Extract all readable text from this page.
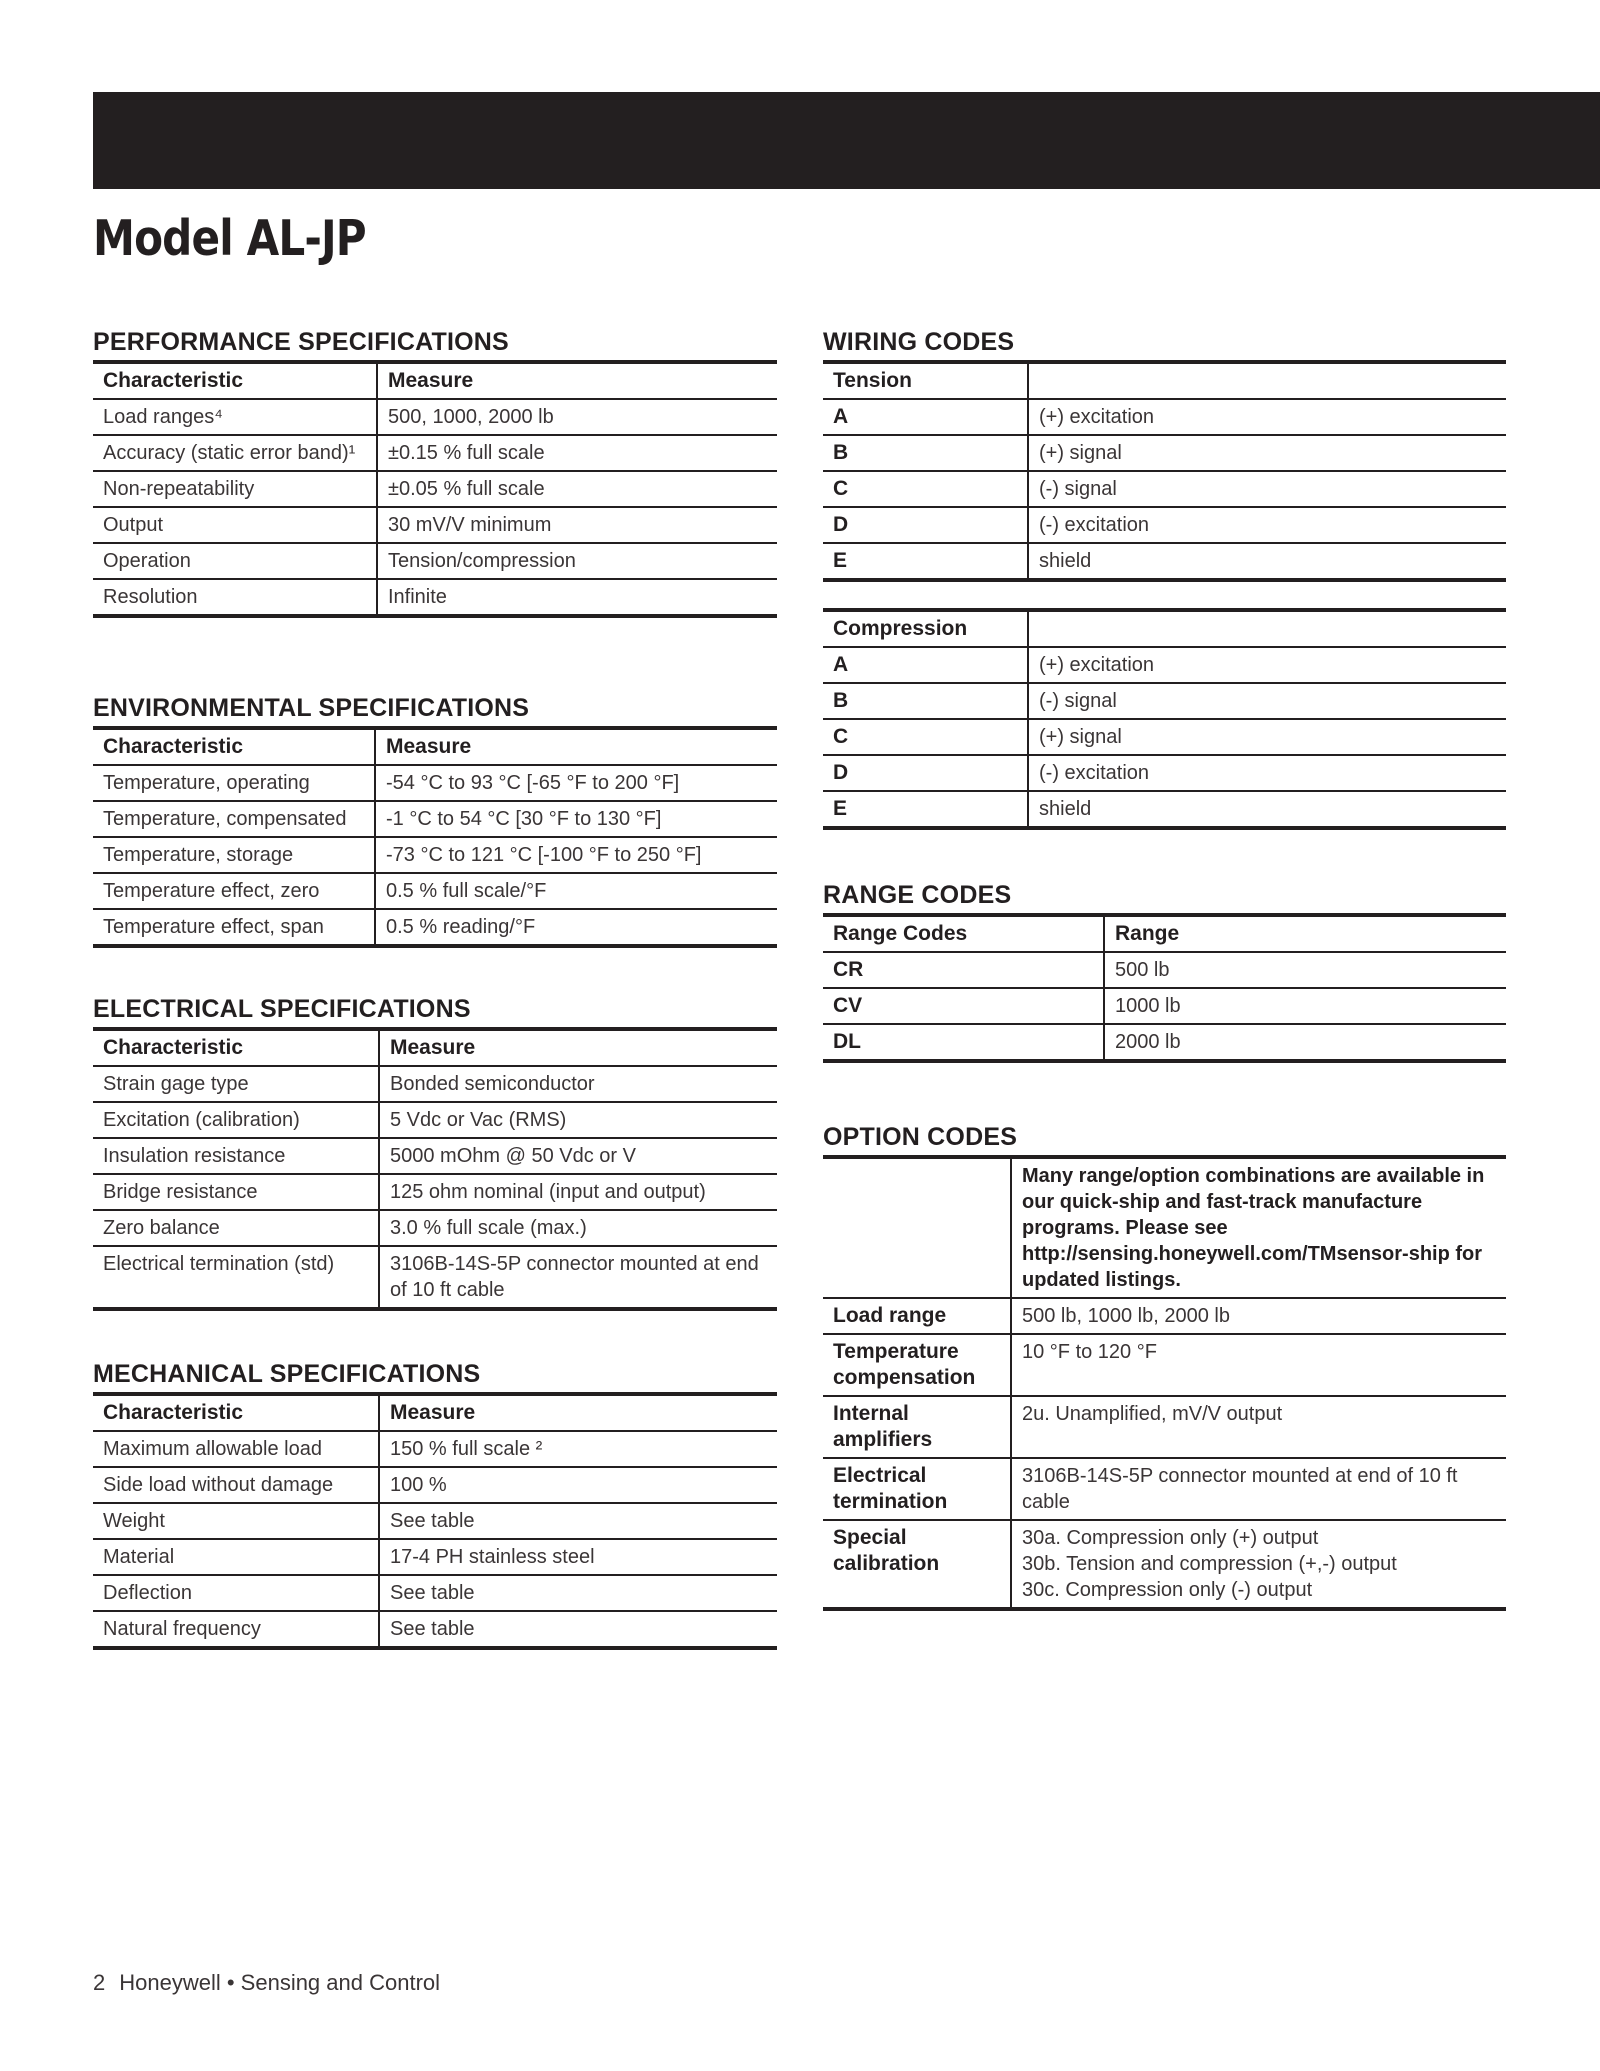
Model AL-JP
PERFORMANCE SPECIFICATIONS
Characteristic	Measure
Load ranges⁴	500, 1000, 2000 lb
Accuracy (static error band)¹	±0.15 % full scale
Non-repeatability	±0.05 % full scale
Output	30 mV/V minimum
Operation	Tension/compression
Resolution	Infinite
ENVIRONMENTAL SPECIFICATIONS
Characteristic	Measure
Temperature, operating	-54 °C to 93 °C [-65 °F to 200 °F]
Temperature, compensated	-1 °C to 54 °C [30 °F to 130 °F]
Temperature, storage	-73 °C to 121 °C [-100 °F to 250 °F]
Temperature effect, zero	0.5 % full scale/°F
Temperature effect, span	0.5 % reading/°F
ELECTRICAL SPECIFICATIONS
Characteristic	Measure
Strain gage type	Bonded semiconductor
Excitation (calibration)	5 Vdc or Vac (RMS)
Insulation resistance	5000 mOhm @ 50 Vdc or V
Bridge resistance	125 ohm nominal (input and output)
Zero balance	3.0 % full scale (max.)
Electrical termination (std)	3106B-14S-5P connector mounted at end of 10 ft cable
MECHANICAL SPECIFICATIONS
Characteristic	Measure
Maximum allowable load	150 % full scale ²
Side load without damage	100 %
Weight	See table
Material	17-4 PH stainless steel
Deflection	See table
Natural frequency	See table
WIRING CODES
Tension	
A	(+) excitation
B	(+) signal
C	(-) signal
D	(-) excitation
E	shield
Compression	
A	(+) excitation
B	(-) signal
C	(+) signal
D	(-) excitation
E	shield
RANGE CODES
Range Codes	Range
CR	500 lb
CV	1000 lb
DL	2000 lb
OPTION CODES
	Many range/option combinations are available in our quick-ship and fast-track manufacture programs. Please see http://sensing.honeywell.com/TMsensor-ship for updated listings.
Load range	500 lb, 1000 lb, 2000 lb
Temperature compensation	10 °F to 120 °F
Internal amplifiers	2u. Unamplified, mV/V output
Electrical termination	3106B-14S-5P connector mounted at end of 10 ft cable
Special calibration	30a. Compression only (+) output
30b. Tension and compression (+,-) output
30c. Compression only (-) output
2 Honeywell • Sensing and Control
